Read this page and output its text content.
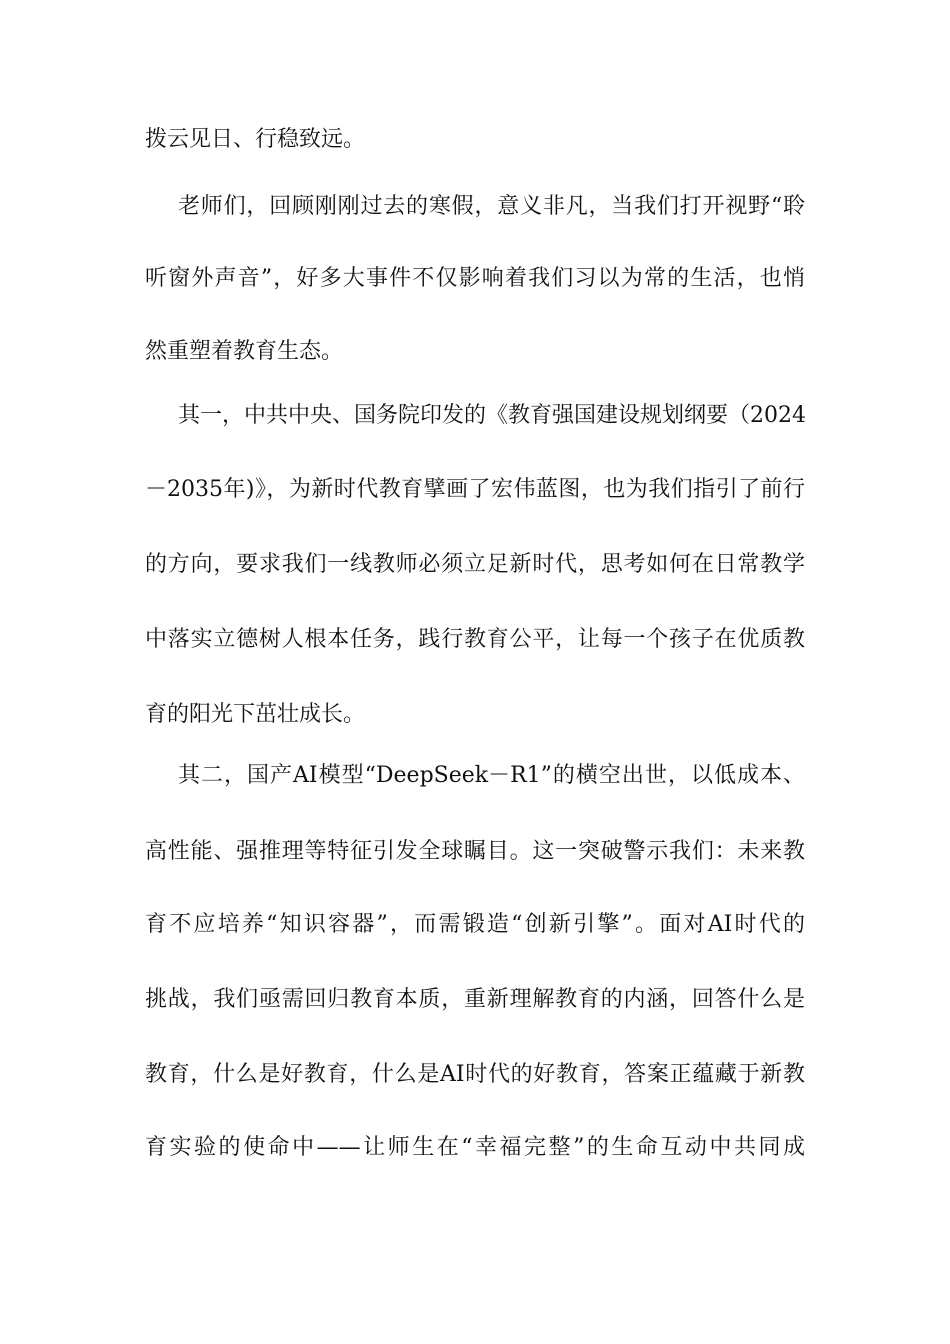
拨云见日、行稳致远。
老师们，回顾刚刚过去的寒假，意义非凡，当我们打开视野“聆
听窗外声音”，好多大事件不仅影响着我们习以为常的生活，也悄
然重塑着教育生态。
其一，中共中央、国务院印发的《教育强国建设规划纲要（2024
－2035年)》，为新时代教育擘画了宏伟蓝图，也为我们指引了前行
的方向，要求我们一线教师必须立足新时代，思考如何在日常教学
中落实立德树人根本任务，践行教育公平，让每一个孩子在优质教
育的阳光下茁壮成长。
其二，国产AI模型“DeepSeek－R1”的横空出世，以低成本、
高性能、强推理等特征引发全球瞩目。这一突破警示我们：未来教
育不应培养“知识容器”，而需锻造“创新引擎”。面对AI时代的
挑战，我们亟需回归教育本质，重新理解教育的内涵，回答什么是
教育，什么是好教育，什么是AI时代的好教育，答案正蕴藏于新教
育实验的使命中——让师生在“幸福完整”的生命互动中共同成
